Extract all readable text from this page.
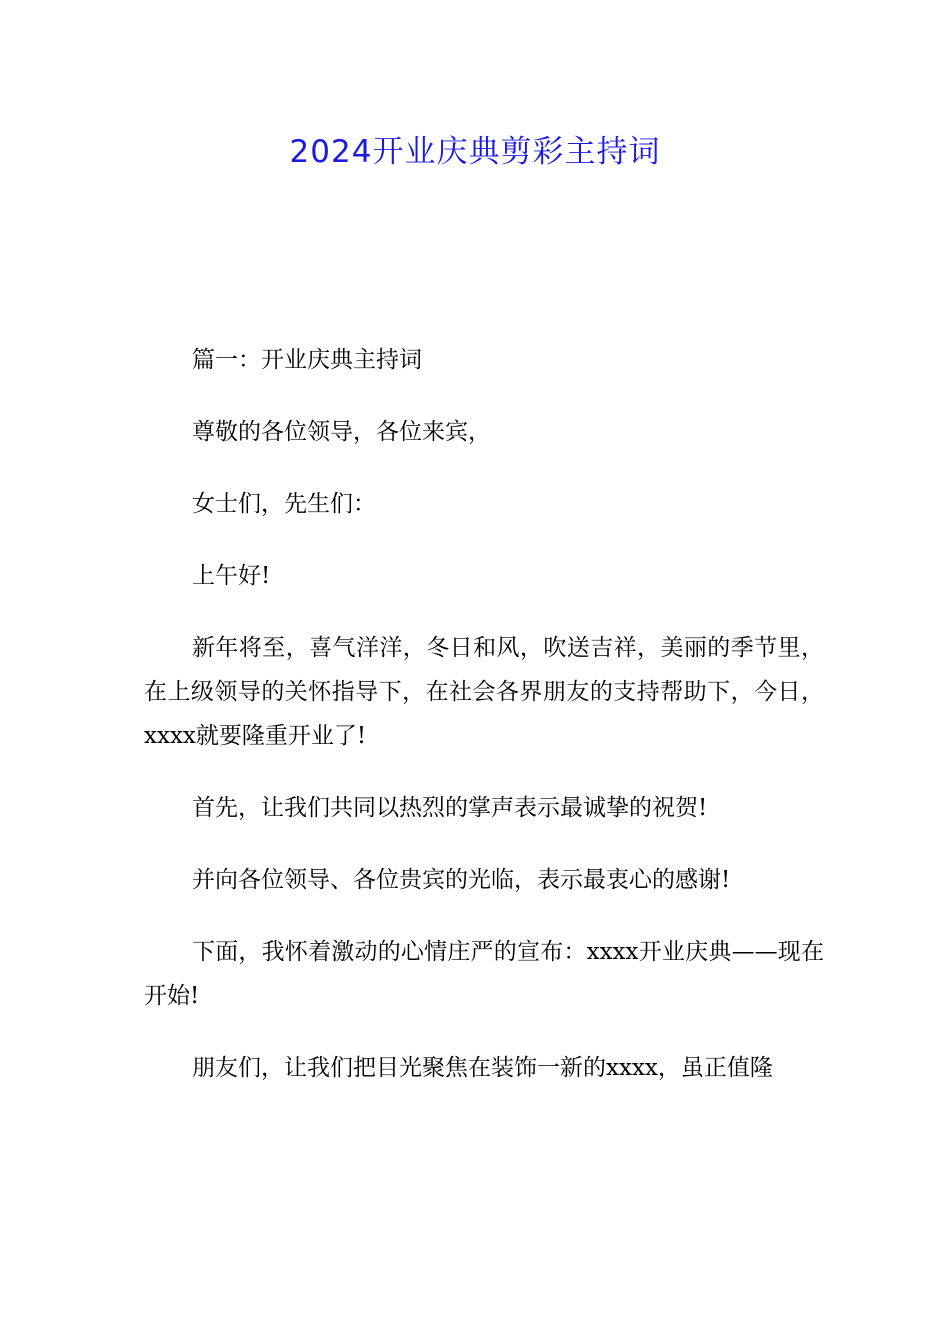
2024开业庆典剪彩主持词

篇一：开业庆典主持词

尊敬的各位领导，各位来宾，

女士们，先生们：

上午好!

新年将至，喜气洋洋，冬日和风，吹送吉祥，美丽的季节里，在上级领导的关怀指导下，在社会各界朋友的支持帮助下，今日，xxxx就要隆重开业了!

首先，让我们共同以热烈的掌声表示最诚挚的祝贺!

并向各位领导、各位贵宾的光临，表示最衷心的感谢!

下面，我怀着激动的心情庄严的宣布：xxxx开业庆典——现在开始!

朋友们，让我们把目光聚焦在装饰一新的xxxx，虽正值隆
